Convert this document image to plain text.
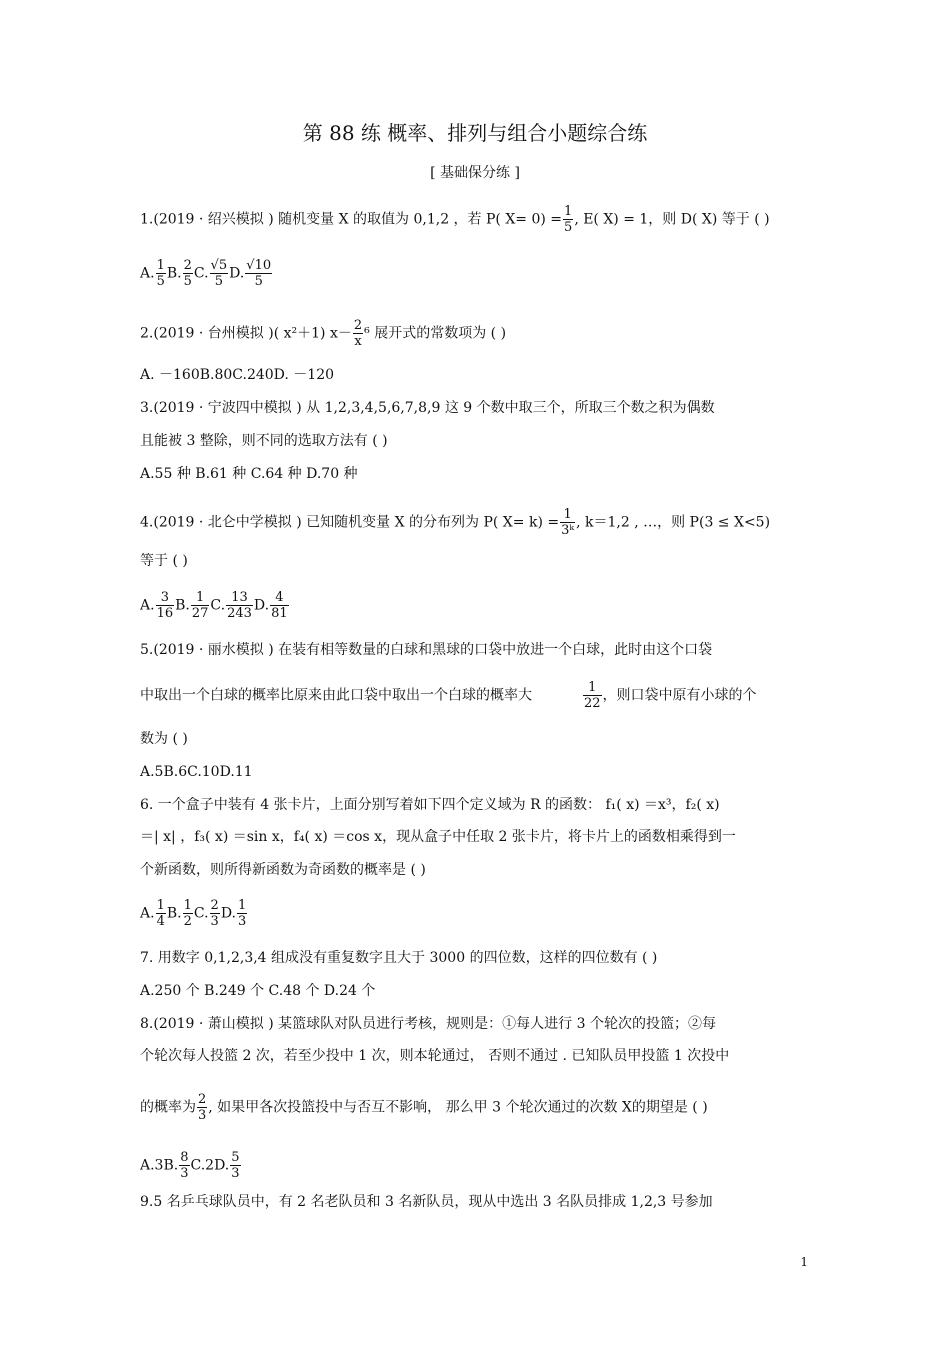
第 88 练 概率、排列与组合小题综合练
[ 基础保分练 ]
1.(2019 · 绍兴模拟 ) 随机变量 X 的取值为 0,1,2 ，若 P( $X= 0) = \frac{1}{5}$ , E( X) = 1，则 D( X) 等于 ( )
A. $\frac{1}{5} B$. $\frac{2}{5} C$. $\frac{√5}{5} D$. $\frac{√10}{5}$
2.(2019 · 台州模拟 )( x²＋1) $x- \frac{2}{x} ^6$ 展开式的常数项为 ( )
A. －160B.80C.240D. －120
3.(2019 · 宁波四中模拟 ) 从 1,2,3,4,5,6,7,8,9 这 9 个数中取三个，所取三个数之积为偶数
且能被 3 整除，则不同的选取方法有 ( )
A.55 种 B.61 种 C.64 种 D.70 种
4.(2019 · 北仑中学模拟 ) 已知随机变量 X 的分布列为 P( $X= k) = \frac{1}{\text{3ᵏ}}$ , k＝1,2 , …，则 P(3 ≤ X<5)
等于 ( )
A. $\frac{3}{16} B$. $\frac{1}{27} C$. $\frac{13}{243} D$. $\frac{4}{81}$
5.(2019 · 丽水模拟 ) 在装有相等数量的白球和黑球的口袋中放进一个白球，此时由这个口袋
中取出一个白球的概率比原来由此口袋中取出一个白球的概率大	$\frac{1}{22}$ ，则口袋中原有小球的个
数为 ( )
A.5B.6C.10D.11
6. 一个盒子中装有 4 张卡片，上面分别写着如下四个定义域为 R 的函数： f₁( x) ＝x³，f₂( x)
＝| x| ，f₃( x) ＝sin x，f₄( x) ＝cos x，现从盒子中任取 2 张卡片，将卡片上的函数相乘得到一
个新函数，则所得新函数为奇函数的概率是 ( )
A. $\frac{1}{4} B$. $\frac{1}{2} C$. $\frac{2}{3} D$. $\frac{1}{3}$
7. 用数字 0,1,2,3,4 组成没有重复数字且大于 3000 的四位数，这样的四位数有 ( )
A.250 个 B.249 个 C.48 个 D.24 个
8.(2019 · 萧山模拟 ) 某篮球队对队员进行考核，规则是：①每人进行 3 个轮次的投篮；②每
个轮次每人投篮 2 次，若至少投中 1 次，则本轮通过， 否则不通过 . 已知队员甲投篮 1 次投中
的概率为 $\frac{2}{3}$ , 如果甲各次投篮投中与否互不影响， 那么甲 3 个轮次通过的次数 X的期望是 ( )
A.3B. $\frac{8}{3} C.2D$. $\frac{5}{3}$
9.5 名乒乓球队员中，有 2 名老队员和 3 名新队员，现从中选出 3 名队员排成 1,2,3 号参加
1
